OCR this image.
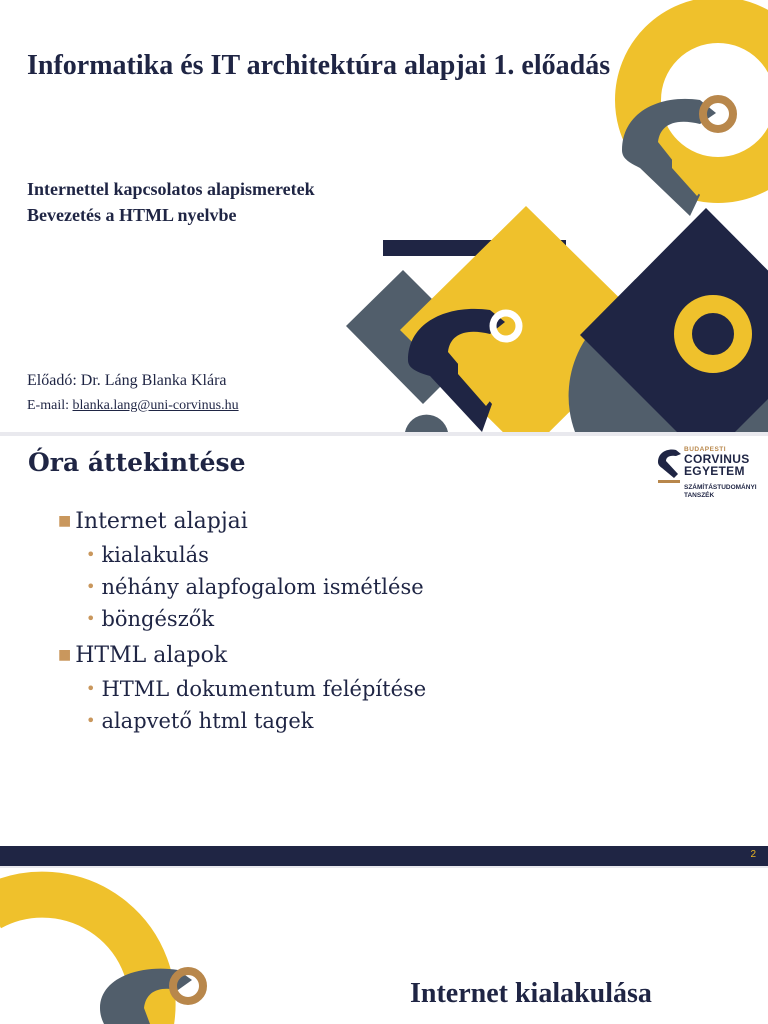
Informatika és IT architektúra alapjai 1. előadás
Internettel kapcsolatos alapismeretek
Bevezetés a HTML nyelvbe
Előadó: Dr. Láng Blanka Klára
E-mail: blanka.lang@uni-corvinus.hu
Óra áttekintése	BUDAPESTI
CORVINUS
EGYETEM
SZÁMÍTÁSTUDOMÁNYI
TANSZÉK
■ Internet alapjai
• kialakulás
• néhány alapfogalom ismétlése
• böngészők
■ HTML alapok
• HTML dokumentum felépítése
• alapvető html tagek
2
Internet kialakulása
